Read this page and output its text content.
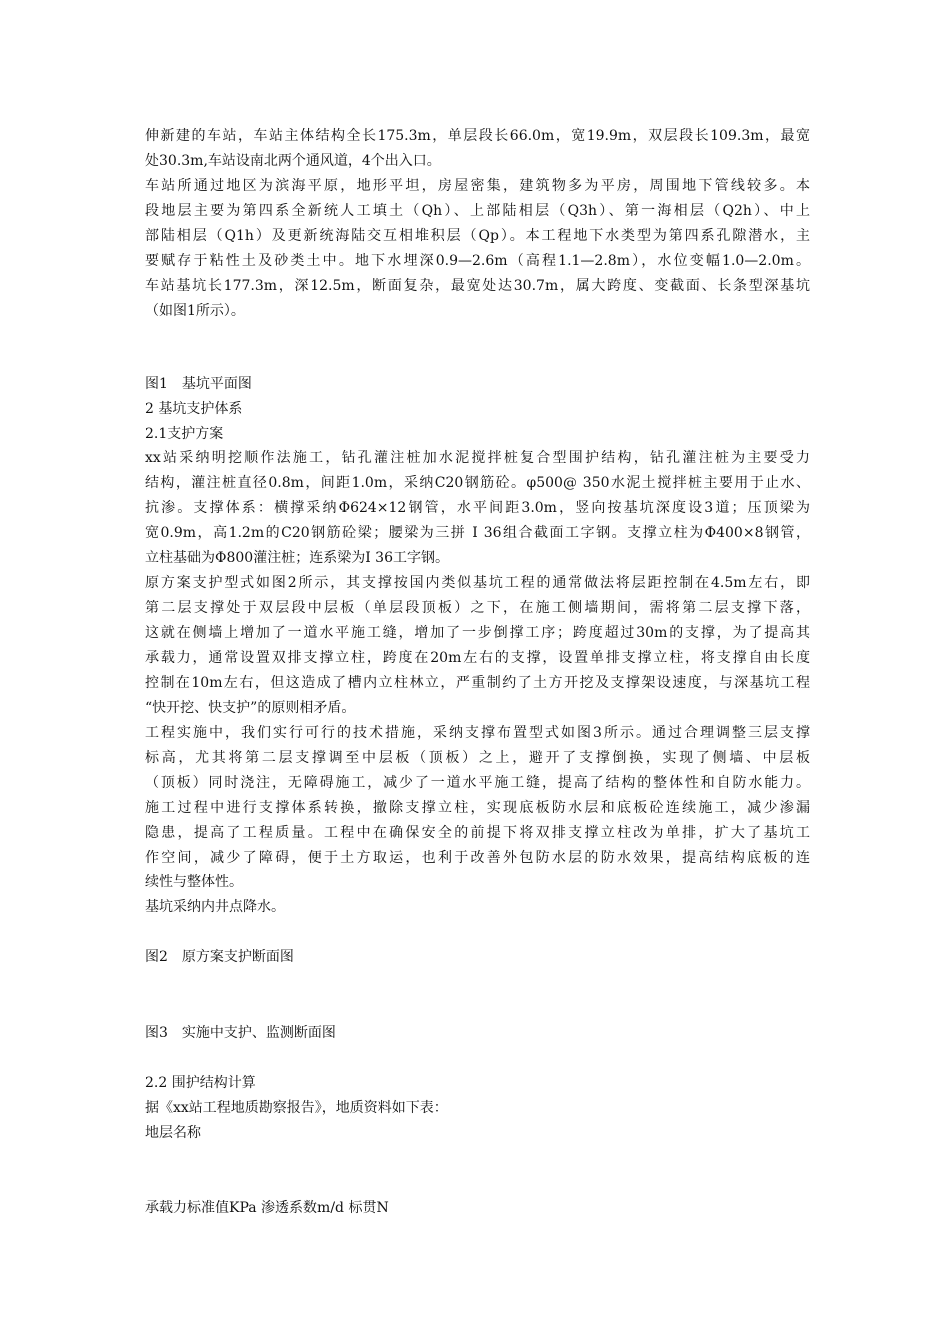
伸新建的车站，车站主体结构全长175.3m，单层段长66.0m，宽19.9m，双层段长109.3m，最宽
处30.3m,车站设南北两个通风道，4个出入口。
车站所通过地区为滨海平原，地形平坦，房屋密集，建筑物多为平房，周围地下管线较多。本
段地层主要为第四系全新统人工填土（Qh）、上部陆相层（Q3h）、第一海相层（Q2h）、中上
部陆相层（Q1h）及更新统海陆交互相堆积层（Qp）。本工程地下水类型为第四系孔隙潜水，主
要赋存于粘性土及砂类土中。地下水埋深0.9—2.6m（高程1.1—2.8m），水位变幅1.0—2.0m。
车站基坑长177.3m，深12.5m，断面复杂，最宽处达30.7m，属大跨度、变截面、长条型深基坑
（如图1所示）。
图1　基坑平面图
2 基坑支护体系
2.1支护方案
xx站采纳明挖顺作法施工，钻孔灌注桩加水泥搅拌桩复合型围护结构，钻孔灌注桩为主要受力
结构，灌注桩直径0.8m，间距1.0m，采纳C20钢筋砼。φ500@ 350水泥土搅拌桩主要用于止水、
抗渗。支撑体系：横撑采纳Φ624×12钢管，水平间距3.0m，竖向按基坑深度设3道；压顶梁为
宽0.9m，高1.2m的C20钢筋砼梁；腰梁为三拼 I 36组合截面工字钢。支撑立柱为Φ400×8钢管，
立柱基础为Φ800灌注桩；连系梁为I 36工字钢。
原方案支护型式如图2所示，其支撑按国内类似基坑工程的通常做法将层距控制在4.5m左右，即
第二层支撑处于双层段中层板（单层段顶板）之下，在施工侧墙期间，需将第二层支撑下落，
这就在侧墙上增加了一道水平施工缝，增加了一步倒撑工序；跨度超过30m的支撑，为了提高其
承载力，通常设置双排支撑立柱，跨度在20m左右的支撑，设置单排支撑立柱，将支撑自由长度
控制在10m左右，但这造成了槽内立柱林立，严重制约了土方开挖及支撑架设速度，与深基坑工程
“快开挖、快支护”的原则相矛盾。
工程实施中，我们实行可行的技术措施，采纳支撑布置型式如图3所示。通过合理调整三层支撑
标高，尤其将第二层支撑调至中层板（顶板）之上，避开了支撑倒换，实现了侧墙、中层板
（顶板）同时浇注，无障碍施工，减少了一道水平施工缝，提高了结构的整体性和自防水能力。
施工过程中进行支撑体系转换，撤除支撑立柱，实现底板防水层和底板砼连续施工，减少渗漏
隐患，提高了工程质量。工程中在确保安全的前提下将双排支撑立柱改为单排，扩大了基坑工
作空间，减少了障碍，便于土方取运，也利于改善外包防水层的防水效果，提高结构底板的连
续性与整体性。
基坑采纳内井点降水。
图2　原方案支护断面图
图3　实施中支护、监测断面图
2.2 围护结构计算
据《xx站工程地质勘察报告》，地质资料如下表：
地层名称
承载力标准值KPa 渗透系数m/d 标贯N
